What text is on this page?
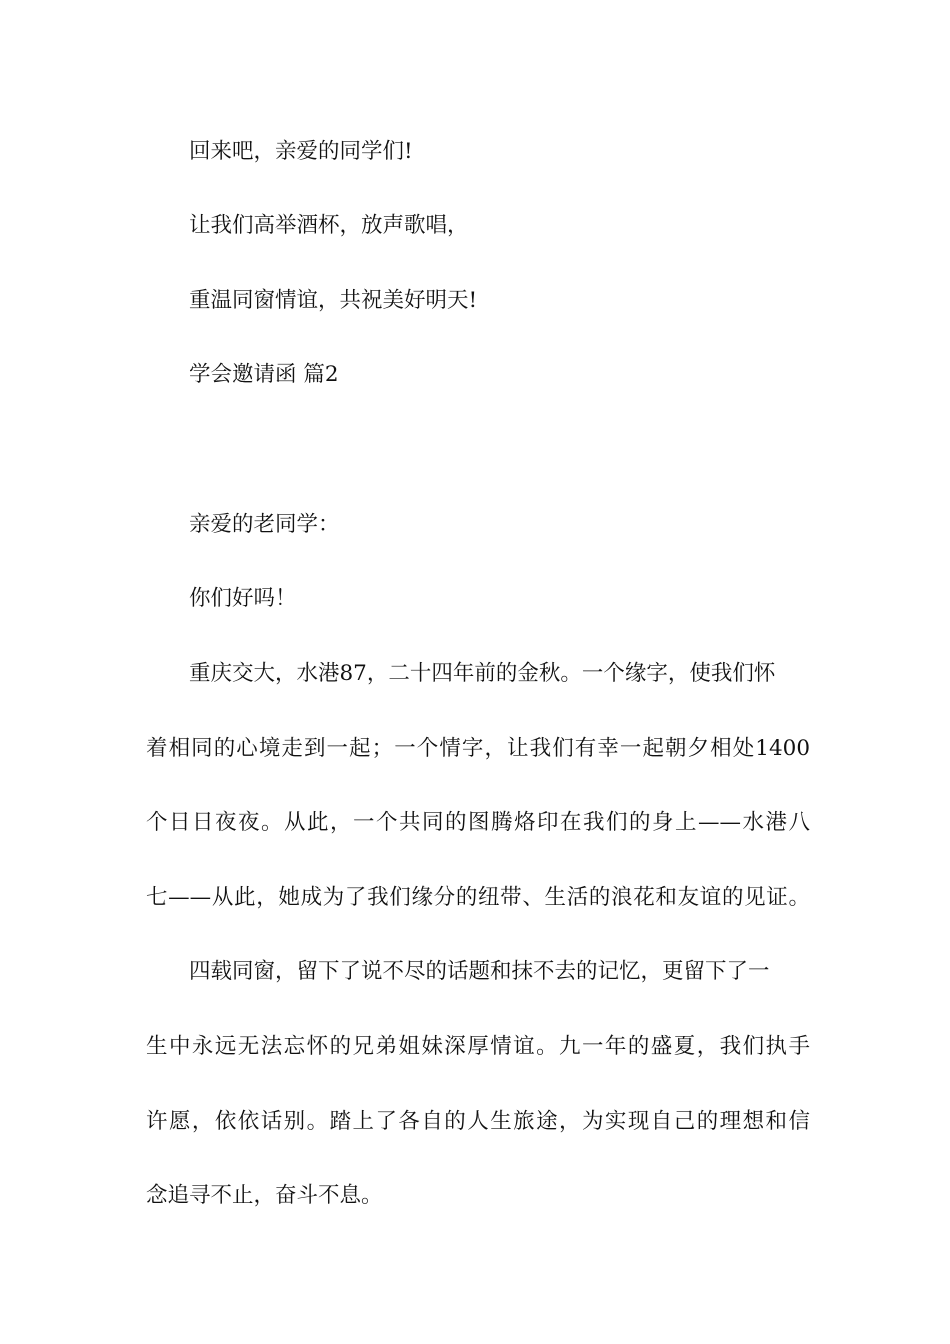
回来吧，亲爱的同学们!
让我们高举酒杯，放声歌唱，
重温同窗情谊，共祝美好明天!
学会邀请函 篇2
亲爱的老同学：
你们好吗！
重庆交大，水港87，二十四年前的金秋。一个缘字，使我们怀
着相同的心境走到一起；一个情字，让我们有幸一起朝夕相处1400
个日日夜夜。从此，一个共同的图腾烙印在我们的身上——水港八
七——从此，她成为了我们缘分的纽带、生活的浪花和友谊的见证。
四载同窗，留下了说不尽的话题和抹不去的记忆，更留下了一
生中永远无法忘怀的兄弟姐妹深厚情谊。九一年的盛夏，我们执手
许愿，依依话别。踏上了各自的人生旅途，为实现自己的理想和信
念追寻不止，奋斗不息。
